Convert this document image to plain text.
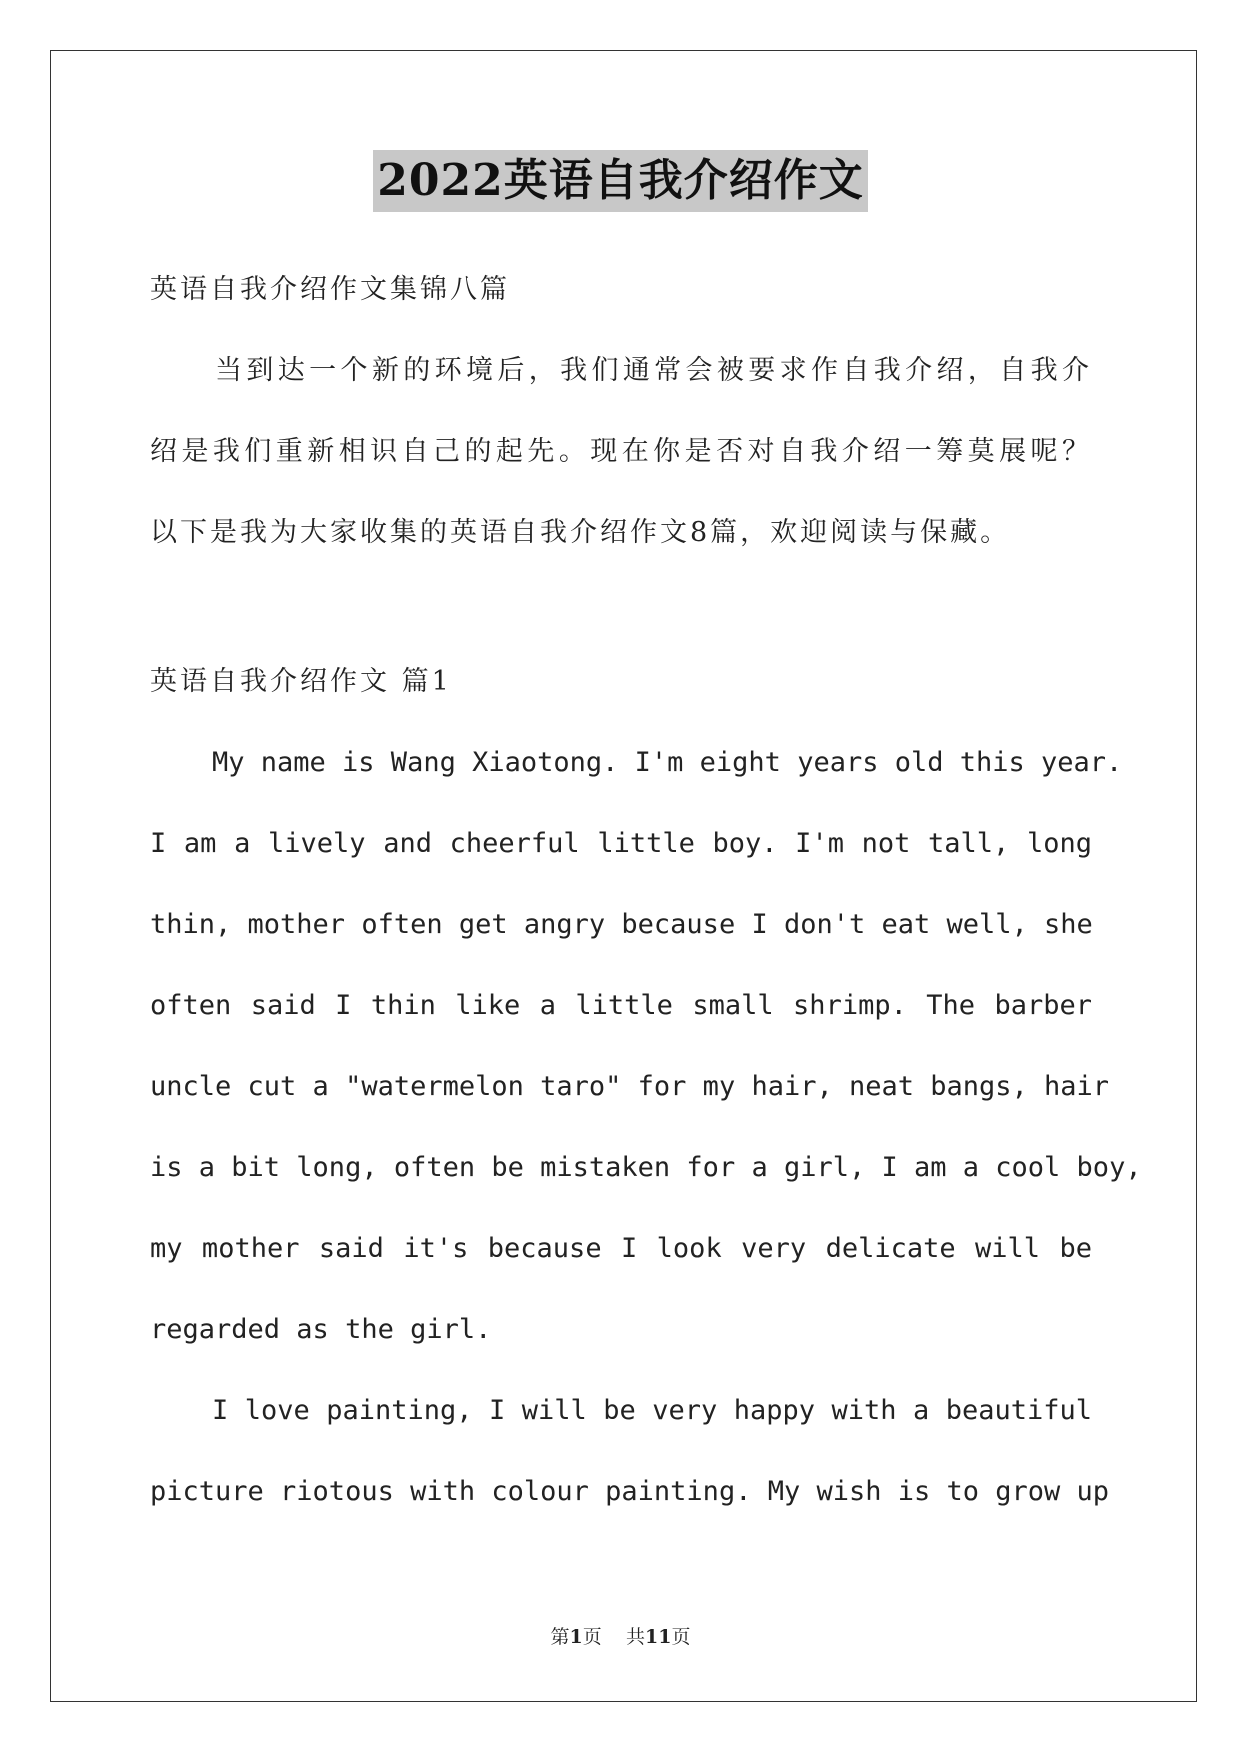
2022英语自我介绍作文
英语自我介绍作文集锦八篇
当到达一个新的环境后，我们通常会被要求作自我介绍，自我介
绍是我们重新相识自己的起先。现在你是否对自我介绍一筹莫展呢？
以下是我为大家收集的英语自我介绍作文8篇，欢迎阅读与保藏。
英语自我介绍作文 篇1
My name is Wang Xiaotong. I'm eight years old this year.
I am a lively and cheerful little boy. I'm not tall, long
thin, mother often get angry because I don't eat well, she
often said I thin like a little small shrimp. The barber
uncle cut a "watermelon taro" for my hair, neat bangs, hair
is a bit long, often be mistaken for a girl, I am a cool boy,
my mother said it's because I look very delicate will be
regarded as the girl.
I love painting, I will be very happy with a beautiful
picture riotous with colour painting. My wish is to grow up
第1页 共11页
